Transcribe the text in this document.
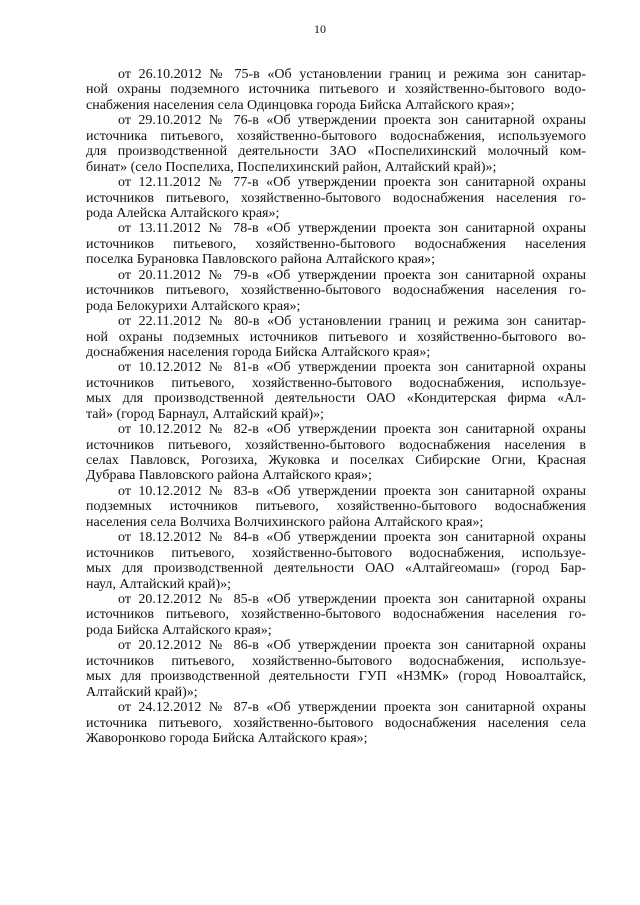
10
от 26.10.2012 № 75-в «Об установлении границ и режима зон санитар-
ной охраны подземного источника питьевого и хозяйственно-бытового водо-
снабжения населения села Одинцовка города Бийска Алтайского края»;
от 29.10.2012 № 76-в «Об утверждении проекта зон санитарной охраны
источника питьевого, хозяйственно-бытового водоснабжения, используемого
для производственной деятельности ЗАО «Поспелихинский молочный ком-
бинат» (село Поспелиха, Поспелихинский район, Алтайский край)»;
от 12.11.2012 № 77-в «Об утверждении проекта зон санитарной охраны
источников питьевого, хозяйственно-бытового водоснабжения населения го-
рода Алейска Алтайского края»;
от 13.11.2012 № 78-в «Об утверждении проекта зон санитарной охраны
источников питьевого, хозяйственно-бытового водоснабжения населения
поселка Бурановка Павловского района Алтайского края»;
от 20.11.2012 № 79-в «Об утверждении проекта зон санитарной охраны
источников питьевого, хозяйственно-бытового водоснабжения населения го-
рода Белокурихи Алтайского края»;
от 22.11.2012 № 80-в «Об установлении границ и режима зон санитар-
ной охраны подземных источников питьевого и хозяйственно-бытового во-
доснабжения населения города Бийска Алтайского края»;
от 10.12.2012 № 81-в «Об утверждении проекта зон санитарной охраны
источников питьевого, хозяйственно-бытового водоснабжения, используе-
мых для производственной деятельности ОАО «Кондитерская фирма «Ал-
тай» (город Барнаул, Алтайский край)»;
от 10.12.2012 № 82-в «Об утверждении проекта зон санитарной охраны
источников питьевого, хозяйственно-бытового водоснабжения населения в
селах Павловск, Рогозиха, Жуковка и поселках Сибирские Огни, Красная
Дубрава Павловского района Алтайского края»;
от 10.12.2012 № 83-в «Об утверждении проекта зон санитарной охраны
подземных источников питьевого, хозяйственно-бытового водоснабжения
населения села Волчиха Волчихинского района Алтайского края»;
от 18.12.2012 № 84-в «Об утверждении проекта зон санитарной охраны
источников питьевого, хозяйственно-бытового водоснабжения, используе-
мых для производственной деятельности ОАО «Алтайгеомаш» (город Бар-
наул, Алтайский край)»;
от 20.12.2012 № 85-в «Об утверждении проекта зон санитарной охраны
источников питьевого, хозяйственно-бытового водоснабжения населения го-
рода Бийска Алтайского края»;
от 20.12.2012 № 86-в «Об утверждении проекта зон санитарной охраны
источников питьевого, хозяйственно-бытового водоснабжения, используе-
мых для производственной деятельности ГУП «НЗМК» (город Новоалтайск,
Алтайский край)»;
от 24.12.2012 № 87-в «Об утверждении проекта зон санитарной охраны
источника питьевого, хозяйственно-бытового водоснабжения населения села
Жаворонково города Бийска Алтайского края»;
